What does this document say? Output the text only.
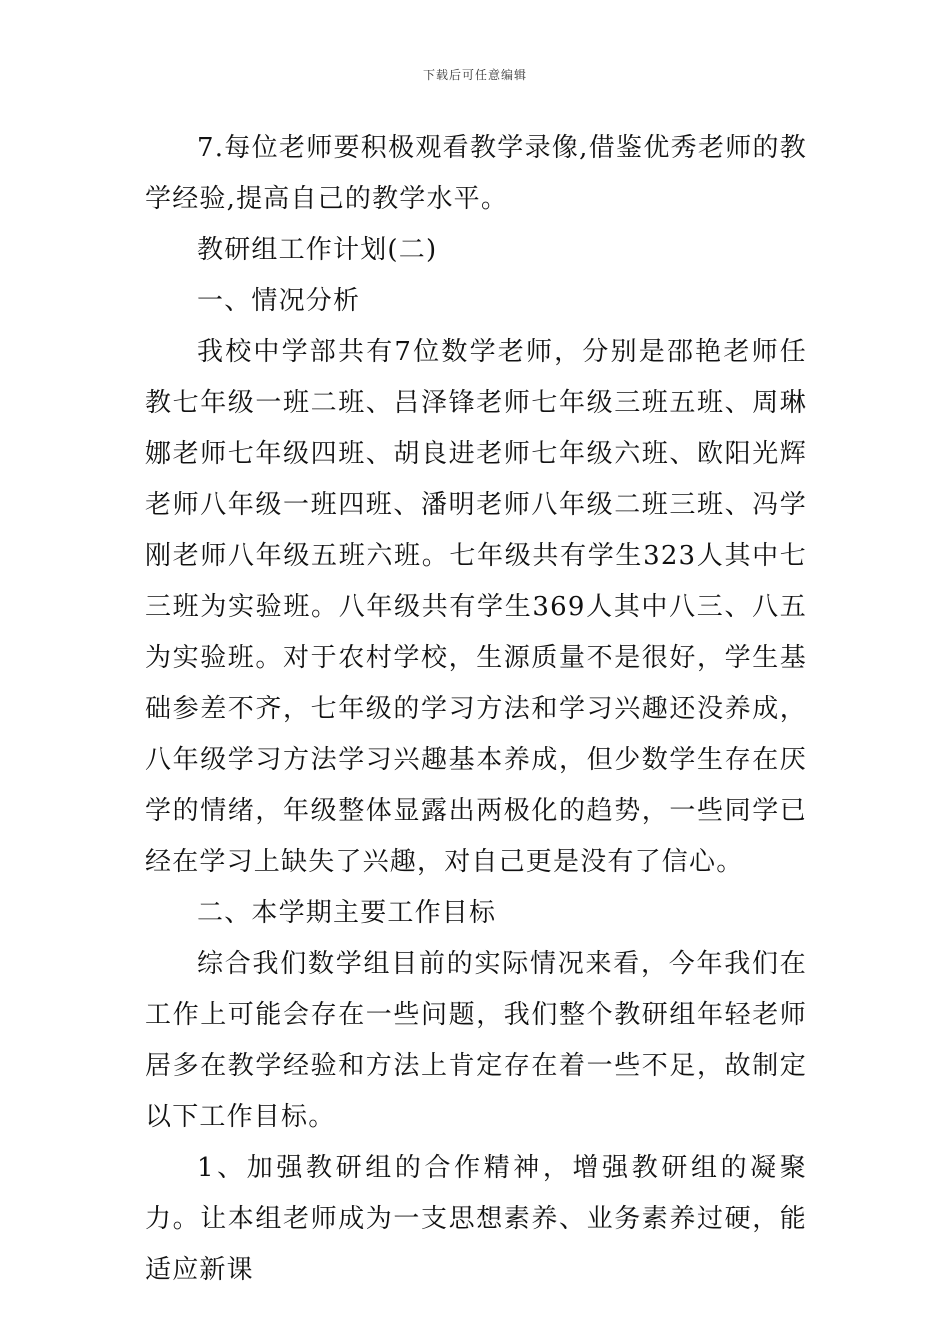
下载后可任意编辑

7.每位老师要积极观看教学录像,借鉴优秀老师的教学经验,提高自己的教学水平。

教研组工作计划(二)

一、情况分析

我校中学部共有7位数学老师，分别是邵艳老师任教七年级一班二班、吕泽锋老师七年级三班五班、周琳娜老师七年级四班、胡良进老师七年级六班、欧阳光辉老师八年级一班四班、潘明老师八年级二班三班、冯学刚老师八年级五班六班。七年级共有学生323人其中七三班为实验班。八年级共有学生369人其中八三、八五为实验班。对于农村学校，生源质量不是很好，学生基础参差不齐，七年级的学习方法和学习兴趣还没养成，八年级学习方法学习兴趣基本养成，但少数学生存在厌学的情绪，年级整体显露出两极化的趋势，一些同学已经在学习上缺失了兴趣，对自己更是没有了信心。

二、本学期主要工作目标

综合我们数学组目前的实际情况来看，今年我们在工作上可能会存在一些问题，我们整个教研组年轻老师居多在教学经验和方法上肯定存在着一些不足，故制定以下工作目标。

1、加强教研组的合作精神，增强教研组的凝聚力。让本组老师成为一支思想素养、业务素养过硬，能适应新课
